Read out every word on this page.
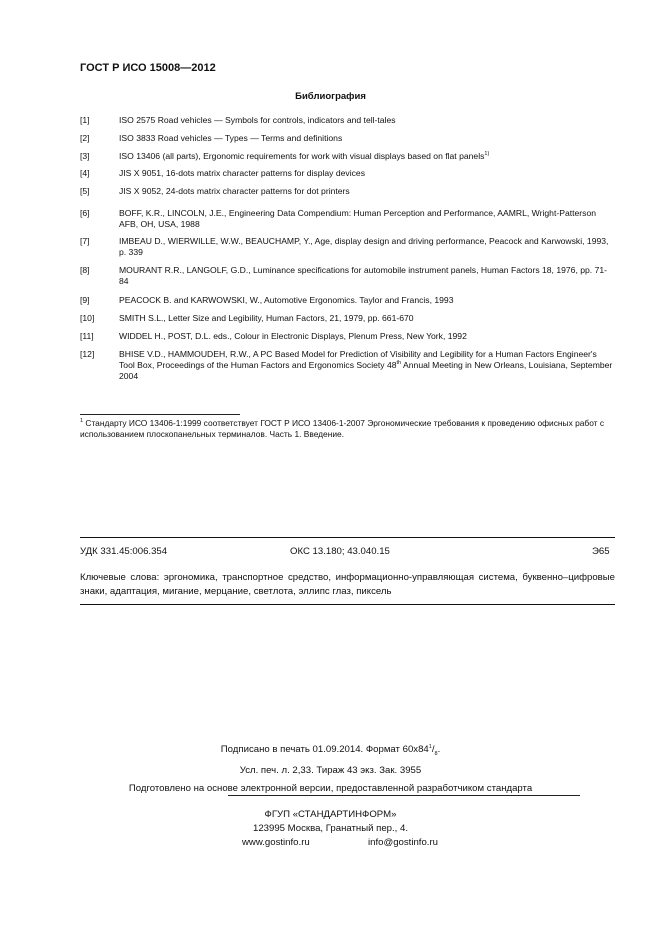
ГОСТ Р ИСО 15008—2012
Библиография
[1]	ISO 2575 Road vehicles — Symbols for controls, indicators and tell-tales
[2]	ISO 3833 Road vehicles — Types — Terms and definitions
[3]	ISO 13406 (all parts), Ergonomic requirements for work with visual displays based on flat panels$^{1)}$
[4]	JIS X 9051, 16-dots matrix character patterns for display devices
[5]	JIS X 9052, 24-dots matrix character patterns for dot printers
[6]	BOFF, K.R., LINCOLN, J.E., Engineering Data Compendium: Human Perception and Performance, AAMRL, Wright-Patterson AFB, OH, USA, 1988
[7]	IMBEAU D., WIERWILLE, W.W., BEAUCHAMP, Y., Age, display design and driving performance, Peacock and Karwowski, 1993, p. 339
[8]	MOURANT R.R., LANGOLF, G.D., Luminance specifications for automobile instrument panels, Human Factors 18, 1976, pp. 71-84
[9]	PEACOCK B. and KARWOWSKI, W., Automotive Ergonomics. Taylor and Francis, 1993
[10]	SMITH S.L., Letter Size and Legibility, Human Factors, 21, 1979, pp. 661-670
[11]	WIDDEL H., POST, D.L. eds., Colour in Electronic Displays, Plenum Press, New York, 1992
[12]	BHISE V.D., HAMMOUDEH, R.W., A PC Based Model for Prediction of Visibility and Legibility for a Human Factors Engineer's Tool Box, Proceedings of the Human Factors and Ergonomics Society 48th Annual Meeting in New Orleans, Louisiana, September 2004
$^1$ Стандарту ИСО 13406-1:1999 соответствует ГОСТ Р ИСО 13406-1-2007 Эргономические требования к проведению офисных работ с использованием плоскопанельных терминалов. Часть 1. Введение.
УДК 331.45:006.354	ОКС 13.180; 43.040.15	Э65
Ключевые слова: эргономика, транспортное средство, информационно-управляющая система, буквенно–цифровые знаки, адаптация, мигание, мерцание, светлота, эллипс глаз, пиксель
Подписано в печать 01.09.2014. Формат $60х84^1/_8$.
Усл. печ. л. 2,33. Тираж 43 экз. Зак. 3955
Подготовлено на основе электронной версии, предоставленной разработчиком стандарта
ФГУП «СТАНДАРТИНФОРМ»
123995 Москва, Гранатный пер., 4.
www.gostinfo.ru	info@gostinfo.ru
